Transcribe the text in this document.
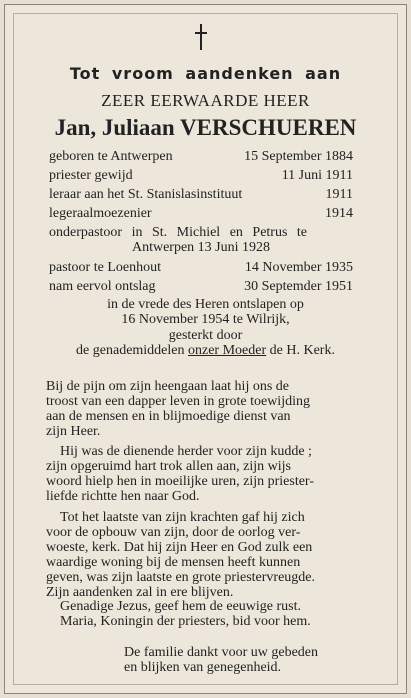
Tot vroom aandenken aan
ZEER EERWAARDE HEER
Jan, Juliaan VERSCHUEREN
geboren te Antwerpen	15 September 1884
priester gewijd	11 Juni 1911
leraar aan het St. Stanislasinstituut	1911
legeraalmoezenier	1914
onderpastoor in St. Michiel en Petrus te
Antwerpen 13 Juni 1928
pastoor te Loenhout	14 November 1935
nam eervol ontslag	30 Septemder 1951
in de vrede des Heren ontslapen op
16 November 1954 te Wilrijk,
gesterkt door
de genademiddelen onzer Moeder de H. Kerk.
Bij de pijn om zijn heengaan laat hij ons de
troost van een dapper leven in grote toewijding
aan de mensen en in blijmoedige dienst van
zijn Heer.
Hij was de dienende herder voor zijn kudde ;
zijn opgeruimd hart trok allen aan, zijn wijs
woord hielp hen in moeilijke uren, zijn priester-
liefde richtte hen naar God.
Tot het laatste van zijn krachten gaf hij zich
voor de opbouw van zijn, door de oorlog ver-
woeste, kerk. Dat hij zijn Heer en God zulk een
waardige woning bij de mensen heeft kunnen
geven, was zijn laatste en grote priestervreugde.
Zijn aandenken zal in ere blijven.
Genadige Jezus, geef hem de eeuwige rust.
Maria, Koningin der priesters, bid voor hem.
De familie dankt voor uw gebeden
en blijken van genegenheid.
